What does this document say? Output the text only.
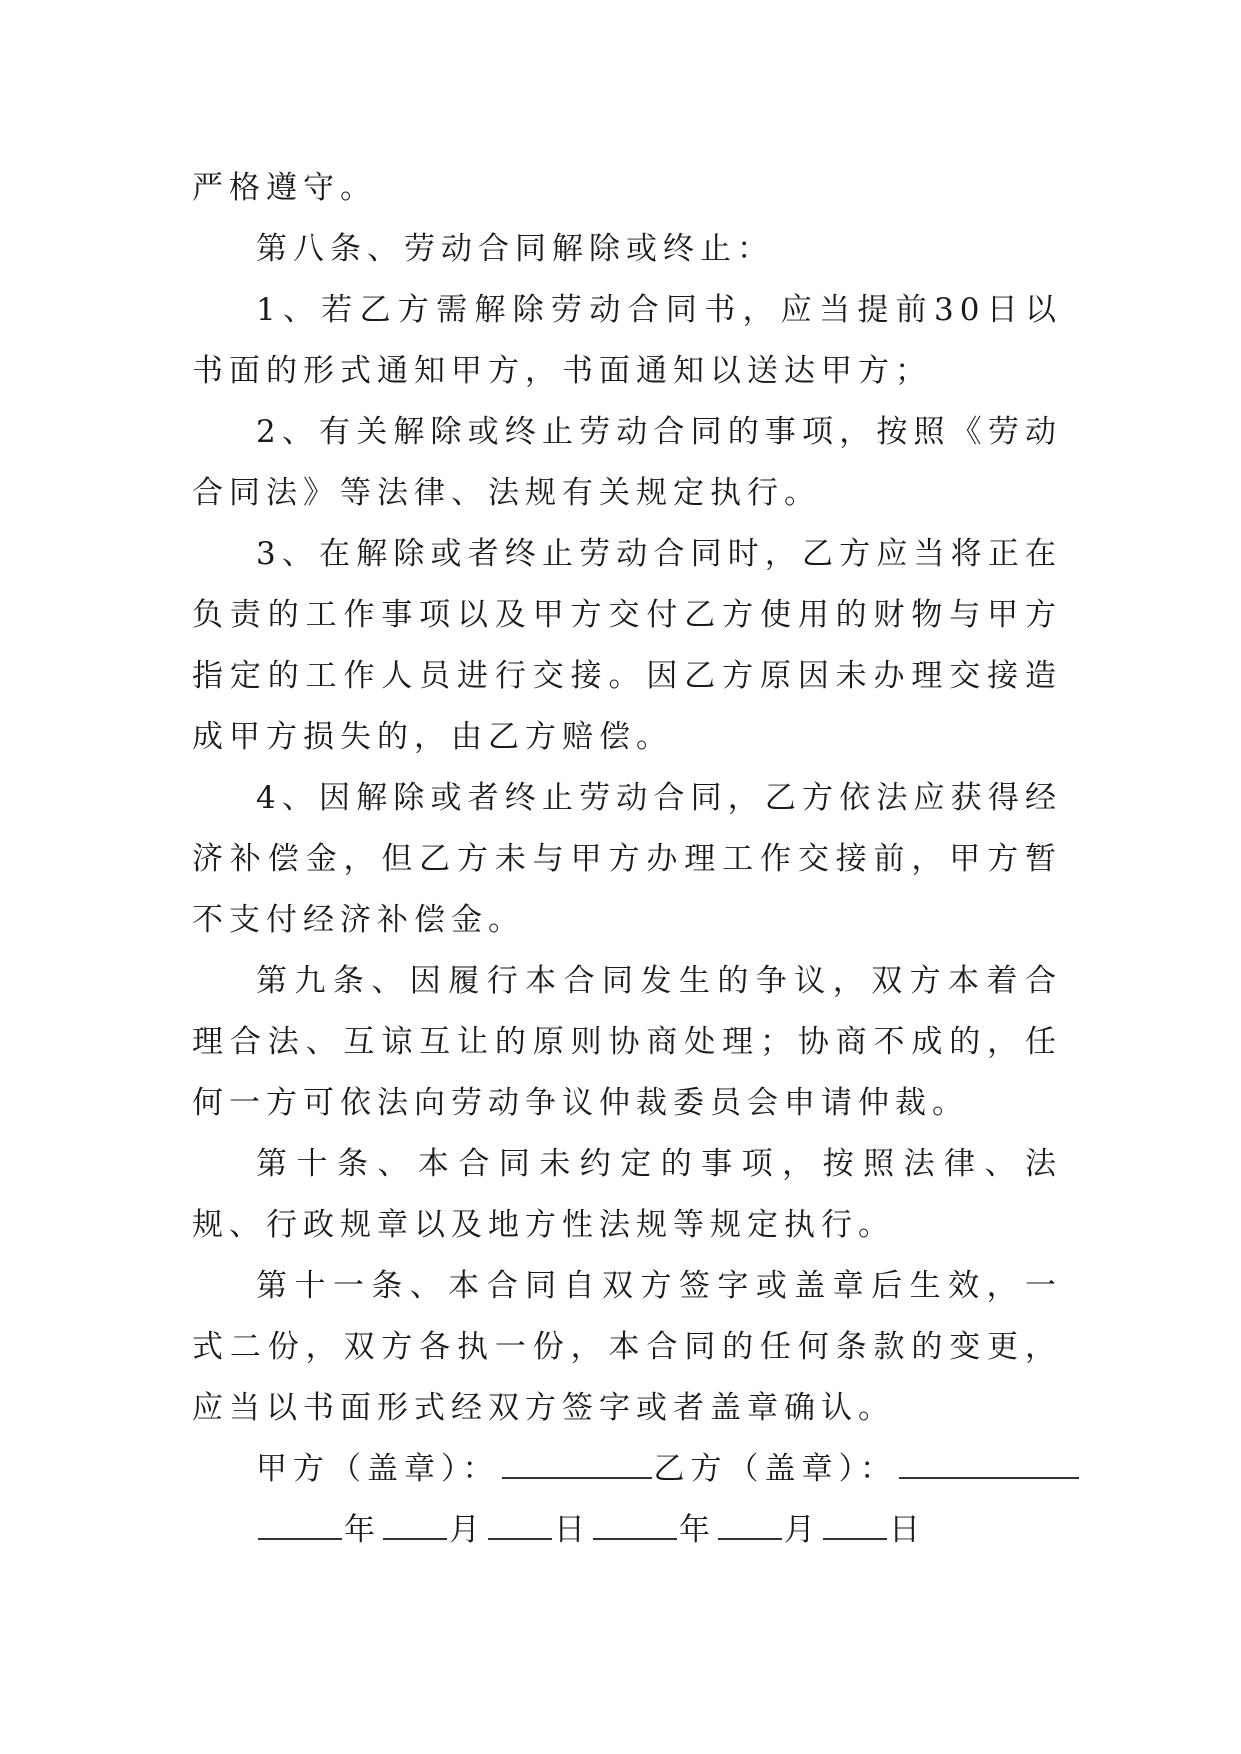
严格遵守。

第八条、劳动合同解除或终止：

1、若乙方需解除劳动合同书，应当提前30日以书面的形式通知甲方，书面通知以送达甲方；

2、有关解除或终止劳动合同的事项，按照《劳动合同法》等法律、法规有关规定执行。

3、在解除或者终止劳动合同时，乙方应当将正在负责的工作事项以及甲方交付乙方使用的财物与甲方指定的工作人员进行交接。因乙方原因未办理交接造成甲方损失的，由乙方赔偿。

4、因解除或者终止劳动合同，乙方依法应获得经济补偿金，但乙方未与甲方办理工作交接前，甲方暂不支付经济补偿金。

第九条、因履行本合同发生的争议，双方本着合理合法、互谅互让的原则协商处理；协商不成的，任何一方可依法向劳动争议仲裁委员会申请仲裁。

第十条、本合同未约定的事项，按照法律、法规、行政规章以及地方性法规等规定执行。

第十一条、本合同自双方签字或盖章后生效，一式二份，双方各执一份，本合同的任何条款的变更，应当以书面形式经双方签字或者盖章确认。

甲方（盖章）：	乙方（盖章）：
年 月 日	年 月 日
